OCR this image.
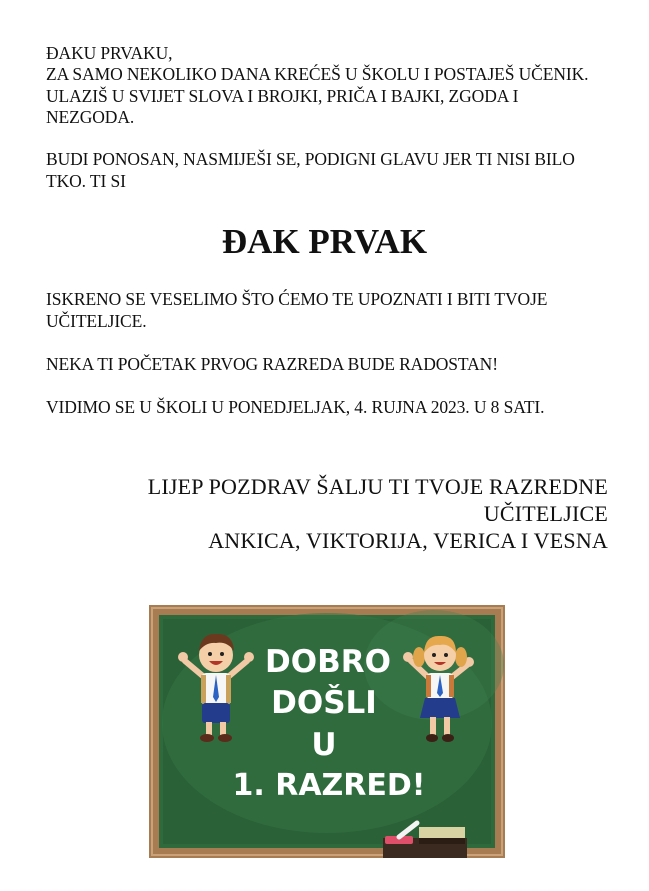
ĐAKU PRVAKU,
ZA SAMO NEKOLIKO DANA KREĆEŠ U ŠKOLU I POSTAJEŠ UČENIK. ULAZIŠ U SVIJET SLOVA I BROJKI, PRIČA I BAJKI, ZGODA I NEZGODA.
BUDI PONOSAN, NASMIJEŠI SE, PODIGNI GLAVU JER TI NISI BILO TKO. TI SI
ĐAK PRVAK
ISKRENO SE VESELIMO ŠTO ĆEMO TE UPOZNATI I BITI TVOJE UČITELJICE.
NEKA TI POČETAK PRVOG RAZREDA BUDE RADOSTAN!
VIDIMO SE U ŠKOLI U PONEDJELJAK, 4. RUJNA 2023. U 8 SATI.
LIJEP POZDRAV ŠALJU TI TVOJE RAZREDNE
UČITELJICE
ANKICA, VIKTORIJA, VERICA I VESNA
DOBRO
DOŠLI
U
1. RAZRED!
